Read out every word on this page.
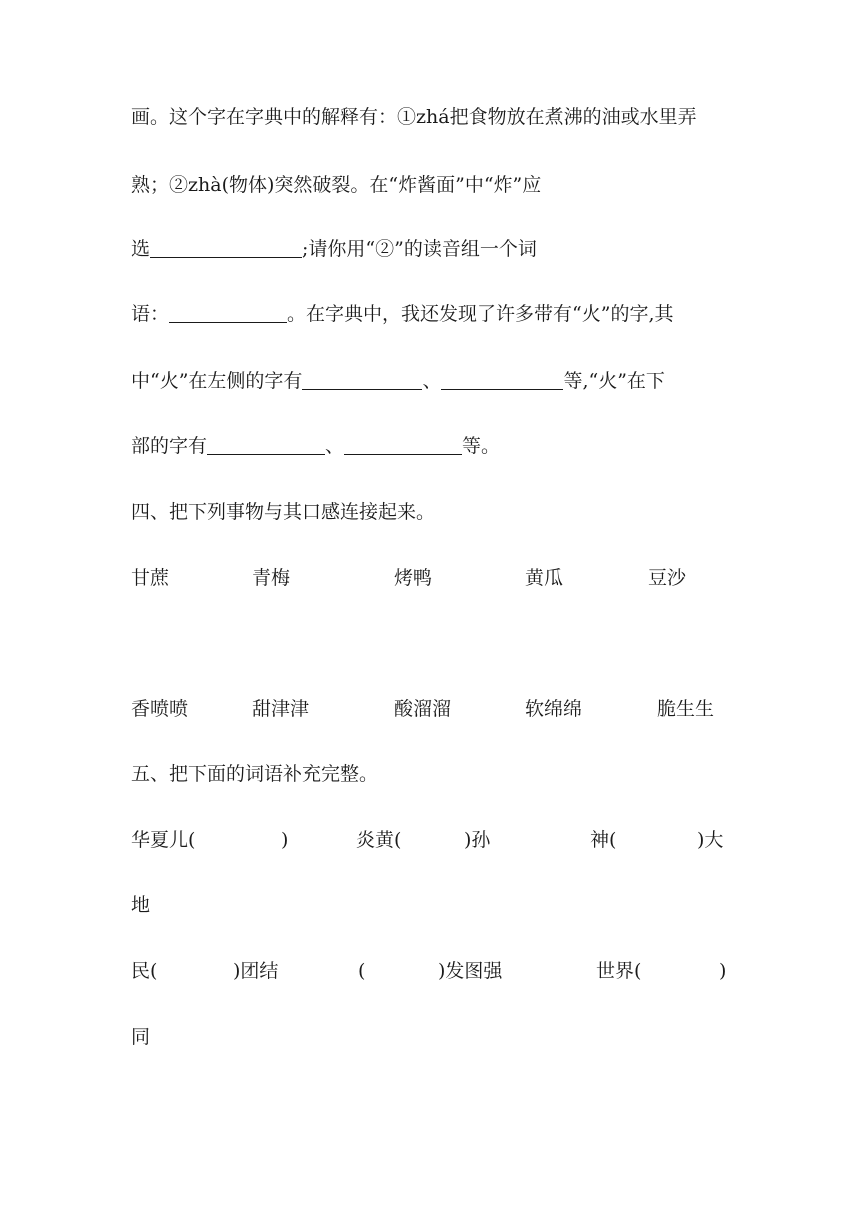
画。这个字在字典中的解释有：①zhá把食物放在煮沸的油或水里弄
熟；②zhà(物体)突然破裂。在“炸酱面”中“炸”应
选	;请你用“②”的读音组一个词
语：	。在字典中，我还发现了许多带有“火”的字,其
中“火”在左侧的字有	、	等,“火”在下
部的字有	、	等。
四、把下列事物与其口感连接起来。
甘蔗	青梅	烤鸭	黄瓜	豆沙
香喷喷	甜津津	酸溜溜	软绵绵	脆生生
五、把下面的词语补充完整。
华夏儿(	)	炎黄(	)孙	神(	)大
地
民(	)团结	(	)发图强	世界(	)
同
